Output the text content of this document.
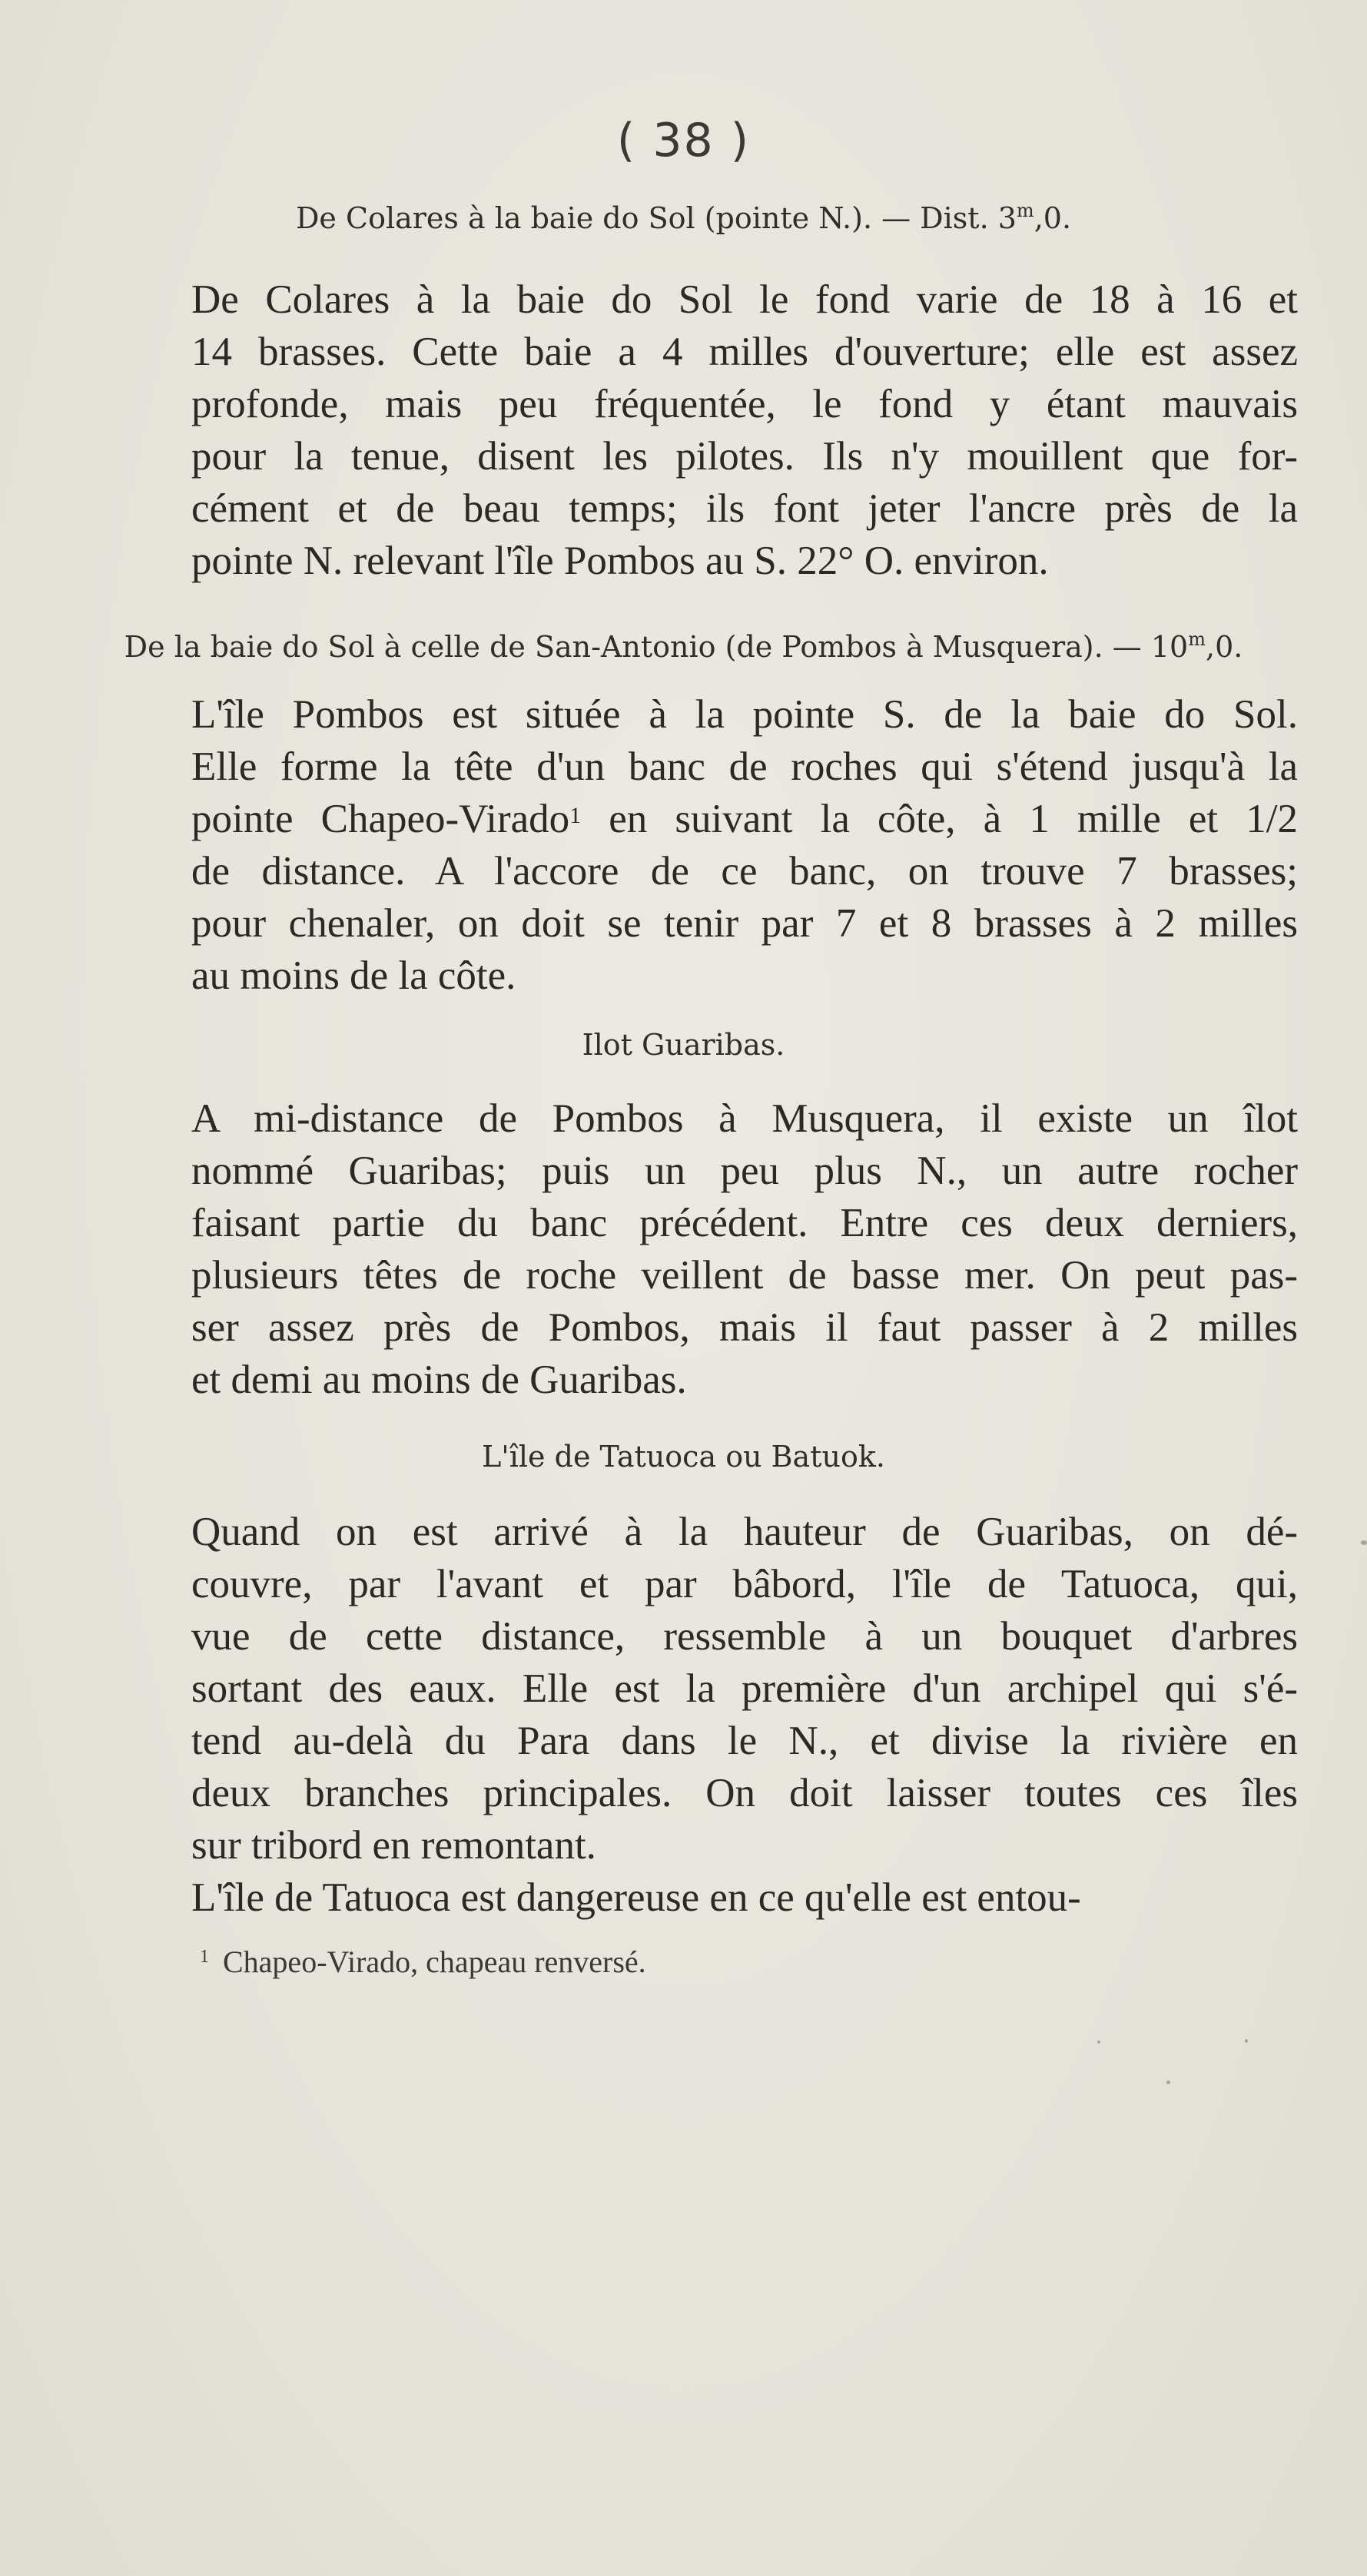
( 38 )
De Colares à la baie do Sol (pointe N.). — Dist. 3$^m$,0.
De Colares à la baie do Sol le fond varie de 18 à 16 et
14 brasses. Cette baie a 4 milles d'ouverture; elle est assez
profonde, mais peu fréquentée, le fond y étant mauvais
pour la tenue, disent les pilotes. Ils n'y mouillent que for-
cément et de beau temps; ils font jeter l'ancre près de la
pointe N. relevant l'île Pombos au S. 22° O. environ.
De la baie do Sol à celle de San-Antonio (de Pombos à Musquera). — 10$^m$,0.
L'île Pombos est située à la pointe S. de la baie do Sol.
Elle forme la tête d'un banc de roches qui s'étend jusqu'à la
pointe Chapeo-Virado$^1$ en suivant la côte, à 1 mille et 1/2
de distance. A l'accore de ce banc, on trouve 7 brasses;
pour chenaler, on doit se tenir par 7 et 8 brasses à 2 milles
au moins de la côte.
Ilot Guaribas.
A mi-distance de Pombos à Musquera, il existe un îlot
nommé Guaribas; puis un peu plus N., un autre rocher
faisant partie du banc précédent. Entre ces deux derniers,
plusieurs têtes de roche veillent de basse mer. On peut pas-
ser assez près de Pombos, mais il faut passer à 2 milles
et demi au moins de Guaribas.
L'île de Tatuoca ou Batuok.
Quand on est arrivé à la hauteur de Guaribas, on dé-
couvre, par l'avant et par bâbord, l'île de Tatuoca, qui,
vue de cette distance, ressemble à un bouquet d'arbres
sortant des eaux. Elle est la première d'un archipel qui s'é-
tend au-delà du Para dans le N., et divise la rivière en
deux branches principales. On doit laisser toutes ces îles
sur tribord en remontant.
L'île de Tatuoca est dangereuse en ce qu'elle est entou-
$^1$ Chapeo-Virado, chapeau renversé.
